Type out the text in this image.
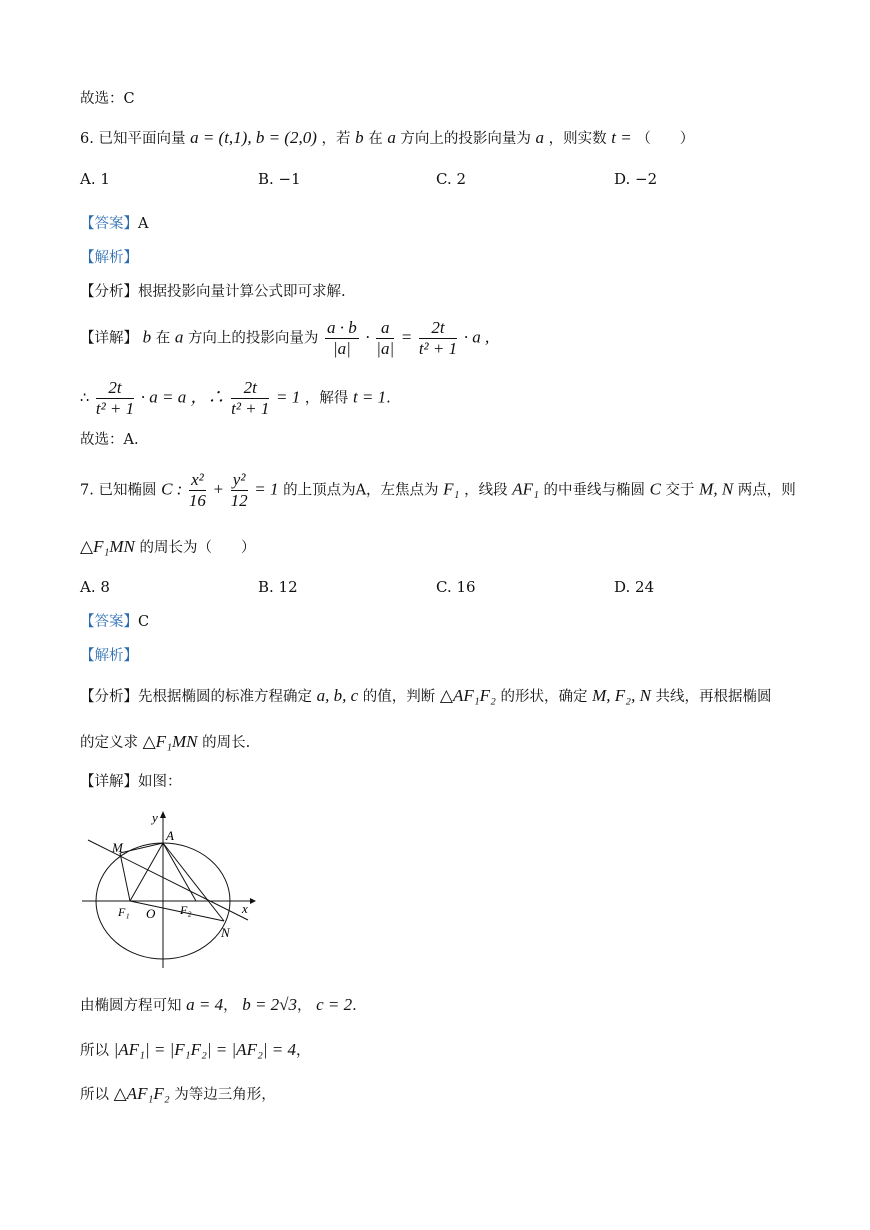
故选：C
6. 已知平面向量 a = (t,1), b = (2,0) ，若 b 在 a 方向上的投影向量为 a ，则实数 t = （　　）
A. 1	B. −1	C. 2	D. −2
【答案】A
【解析】
【分析】根据投影向量计算公式即可求解.
【详解】 b 在 a 方向上的投影向量为 $\frac{a \cdot b}{|a|} \cdot \frac{a}{|a|} = \frac{2t}{\text{t² + 1}} \cdot a$ ,
∴ $\frac{2t}{\text{t² + 1}} \cdot a = a$ ，∴ $\frac{2t}{\text{t² + 1}} = 1$ ，解得 t = 1.
故选：A.
7. 已知椭圆 C : $\frac{\text{x²}}{16} + \frac{\text{y²}}{12} = 1$ 的上顶点为A，左焦点为 F₁ ，线段 AF₁ 的中垂线与椭圆 C 交于 M, N 两点，则
△F₁MN 的周长为（　　）
A. 8	B. 12	C. 16	D. 24
【答案】C
【解析】
【分析】先根据椭圆的标准方程确定 a, b, c 的值，判断 △AF₁F₂ 的形状，确定 M, F₂, N 共线，再根据椭圆
的定义求 △F₁MN 的周长.
【详解】如图：
y
A
M
F₁ O F₂	x
N
由椭圆方程可知 a = 4， b = 2√3， c = 2.
所以 |AF₁| = |F₁F₂| = |AF₂| = 4，
所以 △AF₁F₂ 为等边三角形，
